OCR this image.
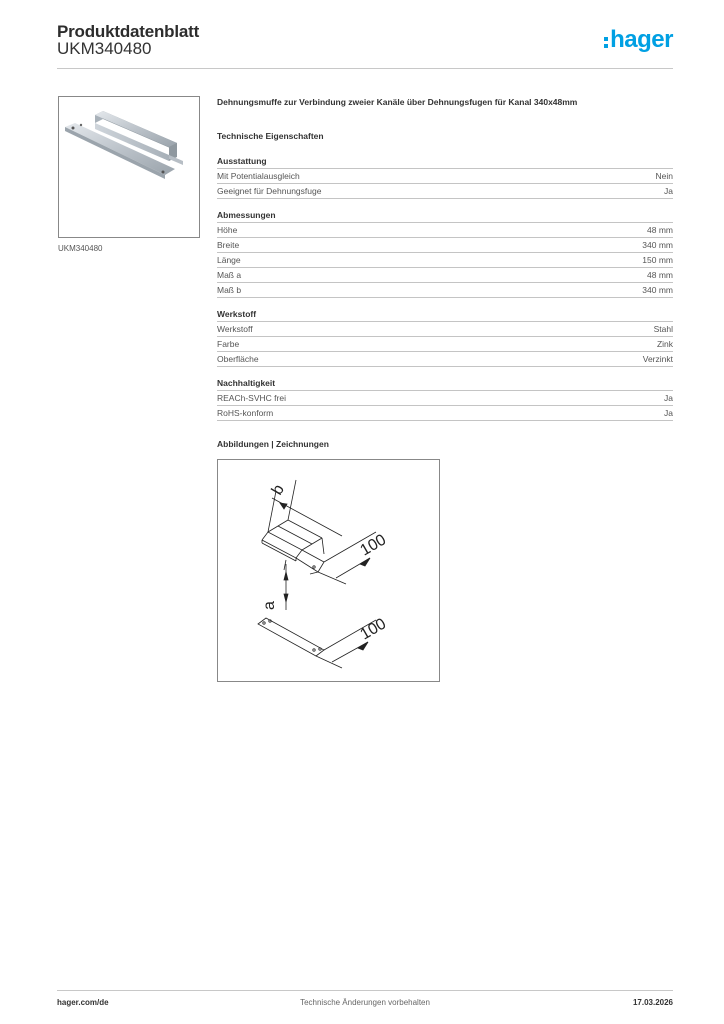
Produktdatenblatt
UKM340480	hager
UKM340480

Dehnungsmuffe zur Verbindung zweier Kanäle über Dehnungsfugen für Kanal 340x48mm

Technische Eigenschaften

Ausstattung
Mit Potentialausgleich	Nein
Geeignet für Dehnungsfuge	Ja
Abmessungen
Höhe	48 mm
Breite	340 mm
Länge	150 mm
Maß a	48 mm
Maß b	340 mm
Werkstoff
Werkstoff	Stahl
Farbe	Zink
Oberfläche	Verzinkt
Nachhaltigkeit
REACh-SVHC frei	Ja
RoHS-konform	Ja

Abbildungen | Zeichnungen

b
100
a
100
hager.com/de	Technische Änderungen vorbehalten	17.03.2026
